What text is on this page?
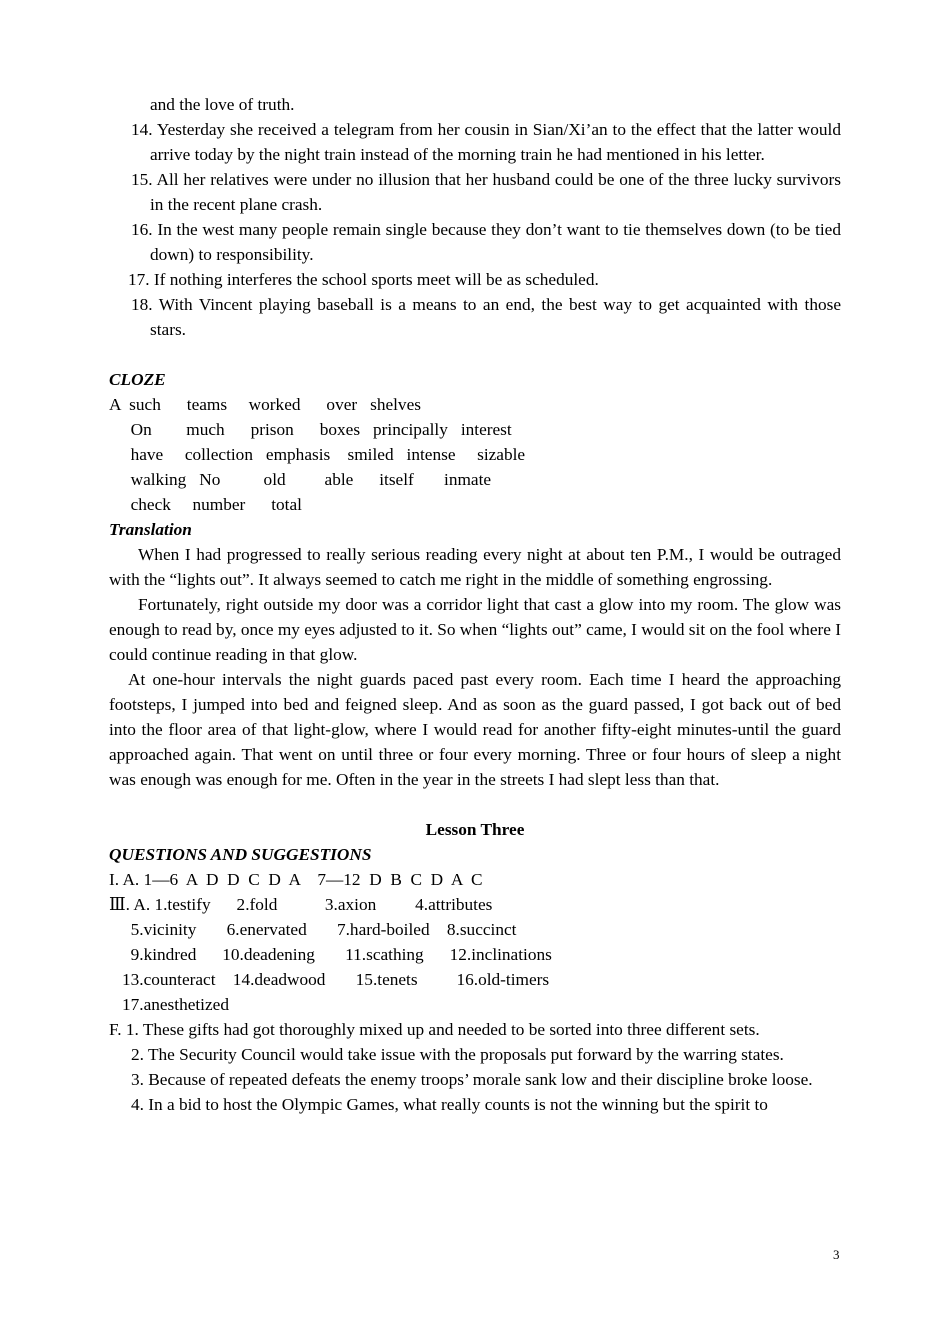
and the love of truth.
14. Yesterday she received a telegram from her cousin in Sian/Xi’an to the effect that the latter would arrive today by the night train instead of the morning train he had mentioned in his letter.
15. All her relatives were under no illusion that her husband could be one of the three lucky survivors in the recent plane crash.
16. In the west many people remain single because they don’t want to tie themselves down (to be tied down) to responsibility.
17. If nothing interferes the school sports meet will be as scheduled.
18. With Vincent playing baseball is a means to an end, the best way to get acquainted with those stars.
CLOZE
A  such      teams     worked      over   shelves
On        much      prison      boxes   principally   interest
have     collection   emphasis    smiled   intense     sizable
walking   No          old         able      itself       inmate
check     number      total
Translation
When I had progressed to really serious reading every night at about ten P.M., I would be outraged with the “lights out”. It always seemed to catch me right in the middle of something engrossing.
Fortunately, right outside my door was a corridor light that cast a glow into my room. The glow was enough to read by, once my eyes adjusted to it. So when “lights out” came, I would sit on the fool where I could continue reading in that glow.
At one-hour intervals the night guards paced past every room. Each time I heard the approaching footsteps, I jumped into bed and feigned sleep. And as soon as the guard passed, I got back out of bed into the floor area of that light-glow, where I would read for another fifty-eight minutes-until the guard approached again. That went on until three or four every morning. Three or four hours of sleep a night was enough was enough for me. Often in the year in the streets I had slept less than that.
Lesson Three
QUESTIONS AND SUGGESTIONS
I. A. 1—6  A  D  D  C  D  A    7—12  D  B  C  D  A  C
Ⅲ. A. 1.testify      2.fold           3.axion         4.attributes
5.vicinity       6.enervated       7.hard-boiled    8.succinct
9.kindred      10.deadening       11.scathing      12.inclinations
13.counteract    14.deadwood       15.tenets         16.old-timers
17.anesthetized
F. 1. These gifts had got thoroughly mixed up and needed to be sorted into three different sets.
2. The Security Council would take issue with the proposals put forward by the warring states.
3. Because of repeated defeats the enemy troops’ morale sank low and their discipline broke loose.
4. In a bid to host the Olympic Games, what really counts is not the winning but the spirit to
3
